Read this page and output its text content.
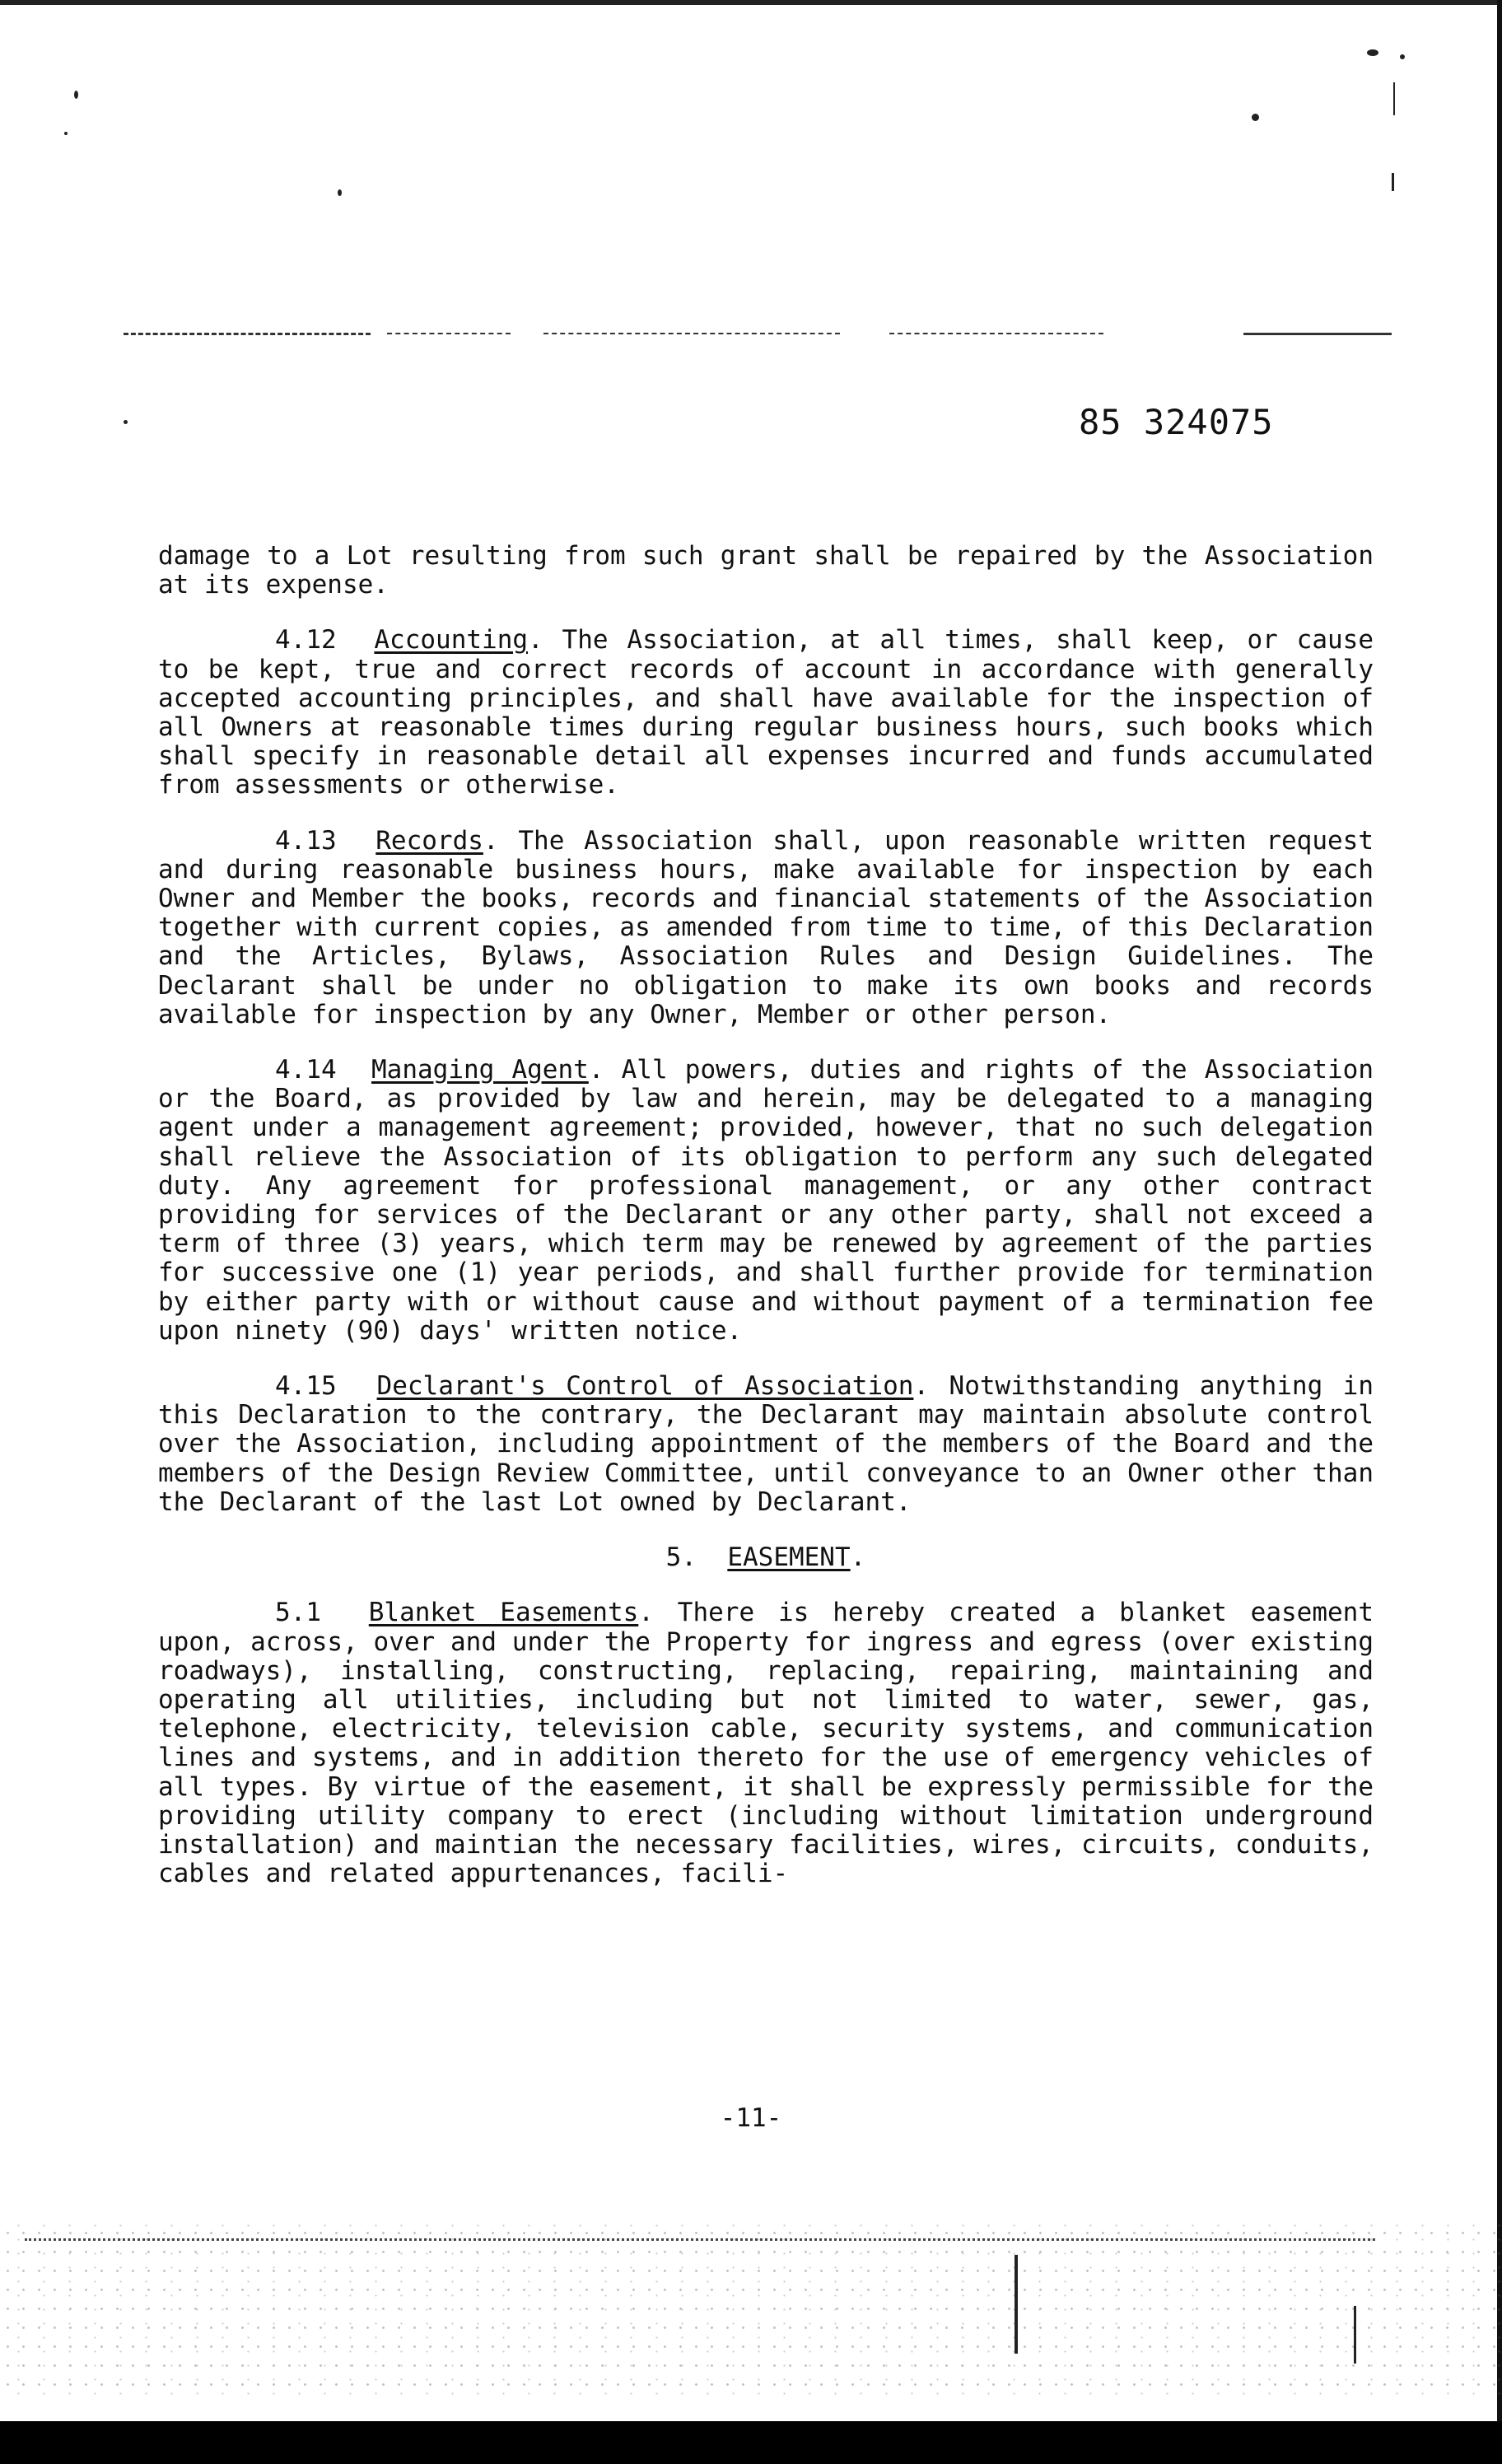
85 324075

damage to a Lot resulting from such grant shall be repaired by the Association at its expense.

4.12 Accounting. The Association, at all times, shall keep, or cause to be kept, true and correct records of account in accordance with generally accepted accounting principles, and shall have available for the inspection of all Owners at reasonable times during regular business hours, such books which shall specify in reasonable detail all expenses incurred and funds accumulated from assessments or otherwise.

4.13 Records. The Association shall, upon reasonable written request and during reasonable business hours, make available for inspection by each Owner and Member the books, records and financial statements of the Association together with current copies, as amended from time to time, of this Declaration and the Articles, Bylaws, Association Rules and Design Guidelines. The Declarant shall be under no obligation to make its own books and records available for inspection by any Owner, Member or other person.

4.14 Managing Agent. All powers, duties and rights of the Association or the Board, as provided by law and herein, may be delegated to a managing agent under a management agreement; provided, however, that no such delegation shall relieve the Association of its obligation to perform any such delegated duty. Any agreement for professional management, or any other contract providing for services of the Declarant or any other party, shall not exceed a term of three (3) years, which term may be renewed by agreement of the parties for successive one (1) year periods, and shall further provide for termination by either party with or without cause and without payment of a termination fee upon ninety (90) days' written notice.

4.15 Declarant's Control of Association. Notwithstanding anything in this Declaration to the contrary, the Declarant may maintain absolute control over the Association, including appointment of the members of the Board and the members of the Design Review Committee, until conveyance to an Owner other than the Declarant of the last Lot owned by Declarant.

5. EASEMENT.

5.1 Blanket Easements. There is hereby created a blanket easement upon, across, over and under the Property for ingress and egress (over existing roadways), installing, constructing, replacing, repairing, maintaining and operating all utilities, including but not limited to water, sewer, gas, telephone, electricity, television cable, security systems, and communication lines and systems, and in addition thereto for the use of emergency vehicles of all types. By virtue of the easement, it shall be expressly permissible for the providing utility company to erect (including without limitation underground installation) and maintian the necessary facilities, wires, circuits, conduits, cables and related appurtenances, facili-

-11-
